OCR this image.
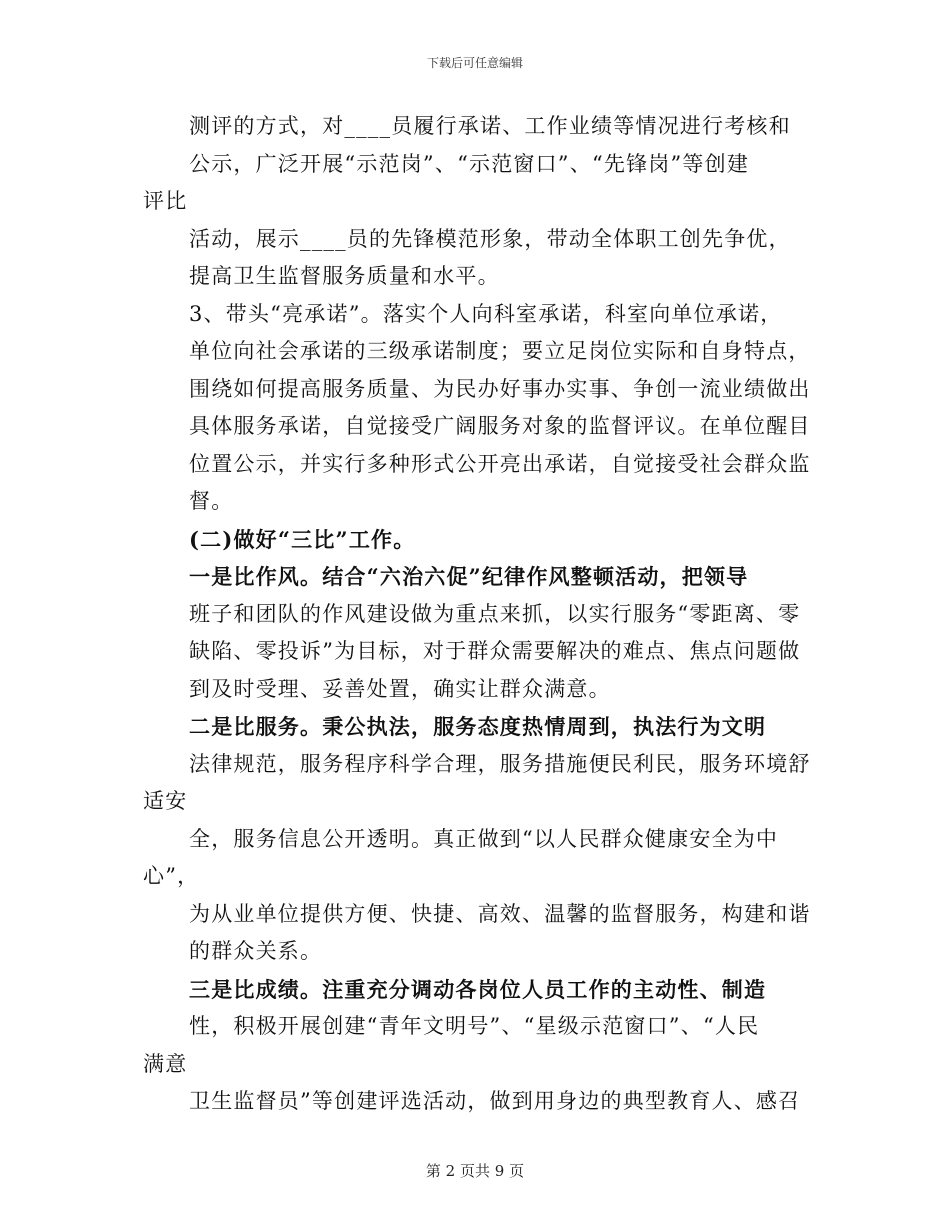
下载后可任意编辑
测评的方式，对____员履行承诺、工作业绩等情况进行考核和
公示，广泛开展“示范岗”、“示范窗口”、“先锋岗”等创建
评比
活动，展示____员的先锋模范形象，带动全体职工创先争优，
提高卫生监督服务质量和水平。
3、带头“亮承诺”。落实个人向科室承诺，科室向单位承诺，
单位向社会承诺的三级承诺制度；要立足岗位实际和自身特点，
围绕如何提高服务质量、为民办好事办实事、争创一流业绩做出
具体服务承诺，自觉接受广阔服务对象的监督评议。在单位醒目
位置公示，并实行多种形式公开亮出承诺，自觉接受社会群众监
督。
(二)做好“三比”工作。
一是比作风。结合“六治六促”纪律作风整顿活动，把领导
班子和团队的作风建设做为重点来抓，以实行服务“零距离、零
缺陷、零投诉”为目标，对于群众需要解决的难点、焦点问题做
到及时受理、妥善处置，确实让群众满意。
二是比服务。秉公执法，服务态度热情周到，执法行为文明
法律规范，服务程序科学合理，服务措施便民利民，服务环境舒
适安
全，服务信息公开透明。真正做到“以人民群众健康安全为中
心”，
为从业单位提供方便、快捷、高效、温馨的监督服务，构建和谐
的群众关系。
三是比成绩。注重充分调动各岗位人员工作的主动性、制造
性，积极开展创建“青年文明号”、“星级示范窗口”、“人民
满意
卫生监督员”等创建评选活动，做到用身边的典型教育人、感召
第 2 页共 9 页
